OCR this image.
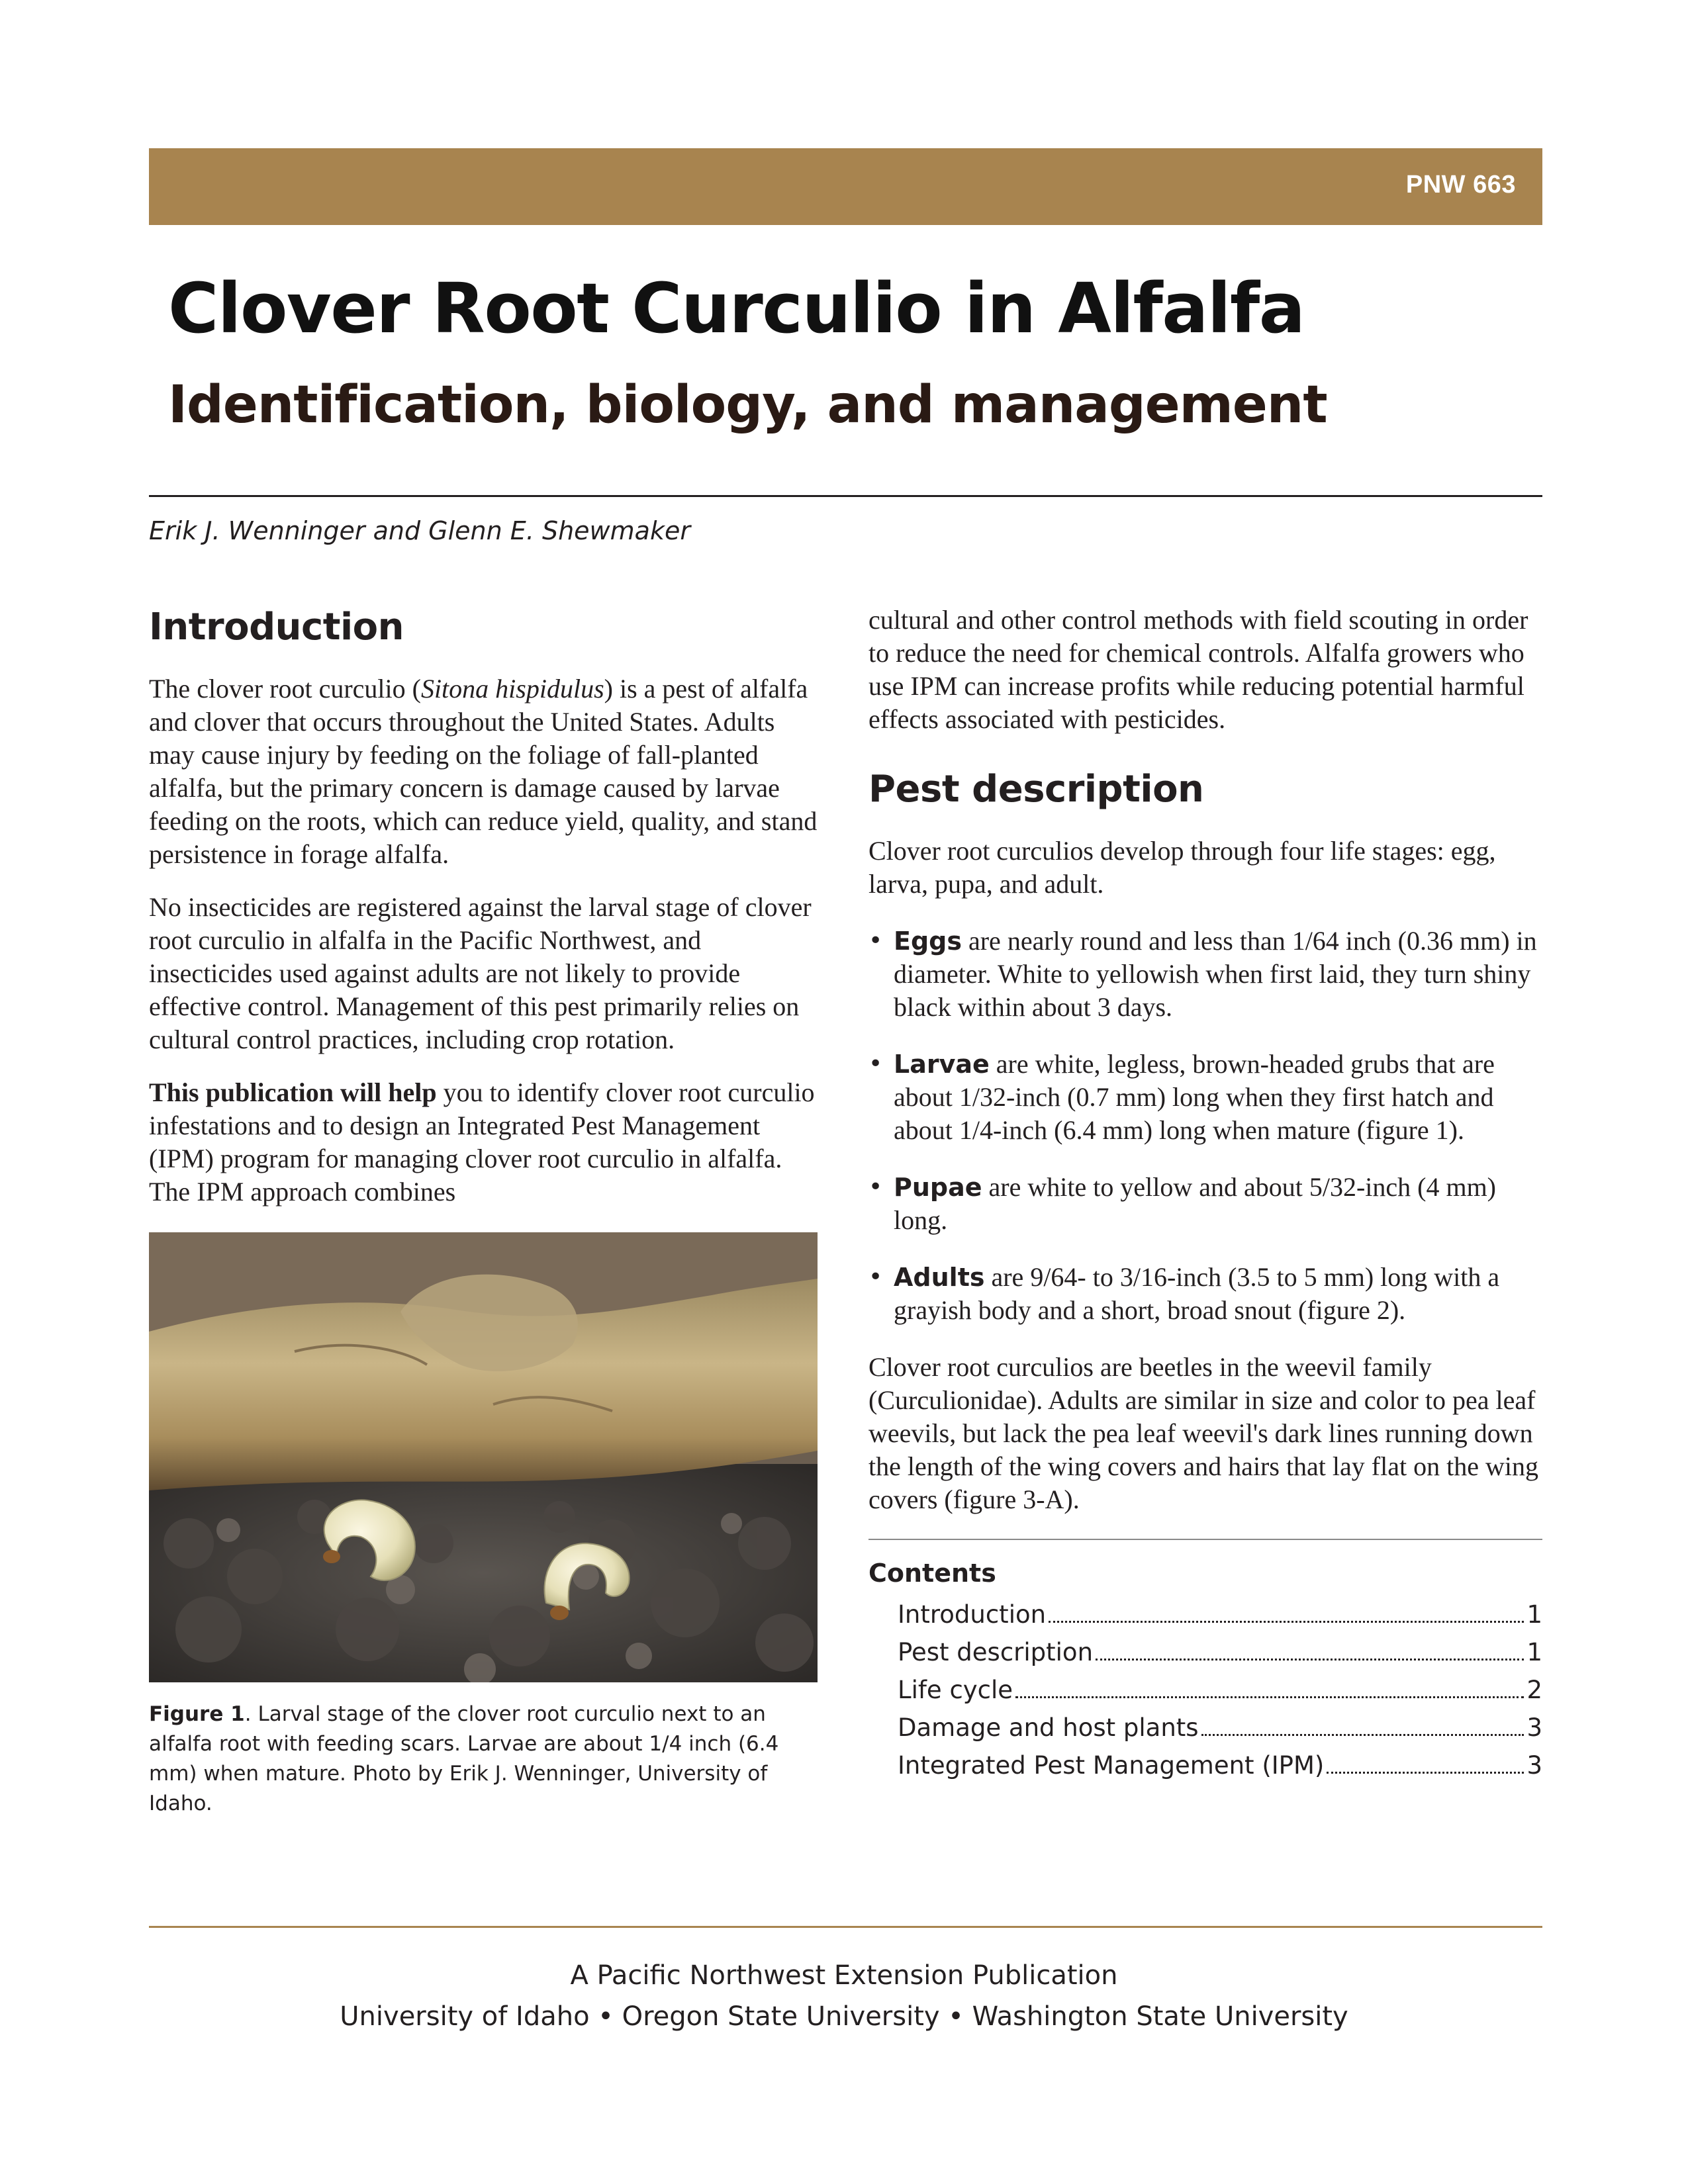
PNW 663
Clover Root Curculio in Alfalfa
Identification, biology, and management
Erik J. Wenninger and Glenn E. Shewmaker
Introduction

The clover root curculio (Sitona hispidulus) is a pest of alfalfa and clover that occurs throughout the United States. Adults may cause injury by feeding on the foliage of fall-planted alfalfa, but the primary concern is damage caused by larvae feeding on the roots, which can reduce yield, quality, and stand persistence in forage alfalfa.

No insecticides are registered against the larval stage of clover root curculio in alfalfa in the Pacific Northwest, and insecticides used against adults are not likely to provide effective control. Management of this pest primarily relies on cultural control practices, including crop rotation.

This publication will help you to identify clover root curculio infestations and to design an Integrated Pest Management (IPM) program for managing clover root curculio in alfalfa. The IPM approach combines

Figure 1. Larval stage of the clover root curculio next to an alfalfa root with feeding scars. Larvae are about 1/4 inch (6.4 mm) when mature. Photo by Erik J. Wenninger, University of Idaho.

cultural and other control methods with field scouting in order to reduce the need for chemical controls. Alfalfa growers who use IPM can increase profits while reducing potential harmful effects associated with pesticides.

Pest description

Clover root curculios develop through four life stages: egg, larva, pupa, and adult.

• Eggs are nearly round and less than 1/64 inch (0.36 mm) in diameter. White to yellowish when first laid, they turn shiny black within about 3 days.
• Larvae are white, legless, brown-headed grubs that are about 1/32-inch (0.7 mm) long when they first hatch and about 1/4-inch (6.4 mm) long when mature (figure 1).
• Pupae are white to yellow and about 5/32-inch (4 mm) long.
• Adults are 9/64- to 3/16-inch (3.5 to 5 mm) long with a grayish body and a short, broad snout (figure 2).

Clover root curculios are beetles in the weevil family (Curculionidae). Adults are similar in size and color to pea leaf weevils, but lack the pea leaf weevil's dark lines running down the length of the wing covers and hairs that lay flat on the wing covers (figure 3-A).

Contents
Introduction	1
Pest description	1
Life cycle	2
Damage and host plants	3
Integrated Pest Management (IPM)	3
A Pacific Northwest Extension Publication
University of Idaho • Oregon State University • Washington State University
